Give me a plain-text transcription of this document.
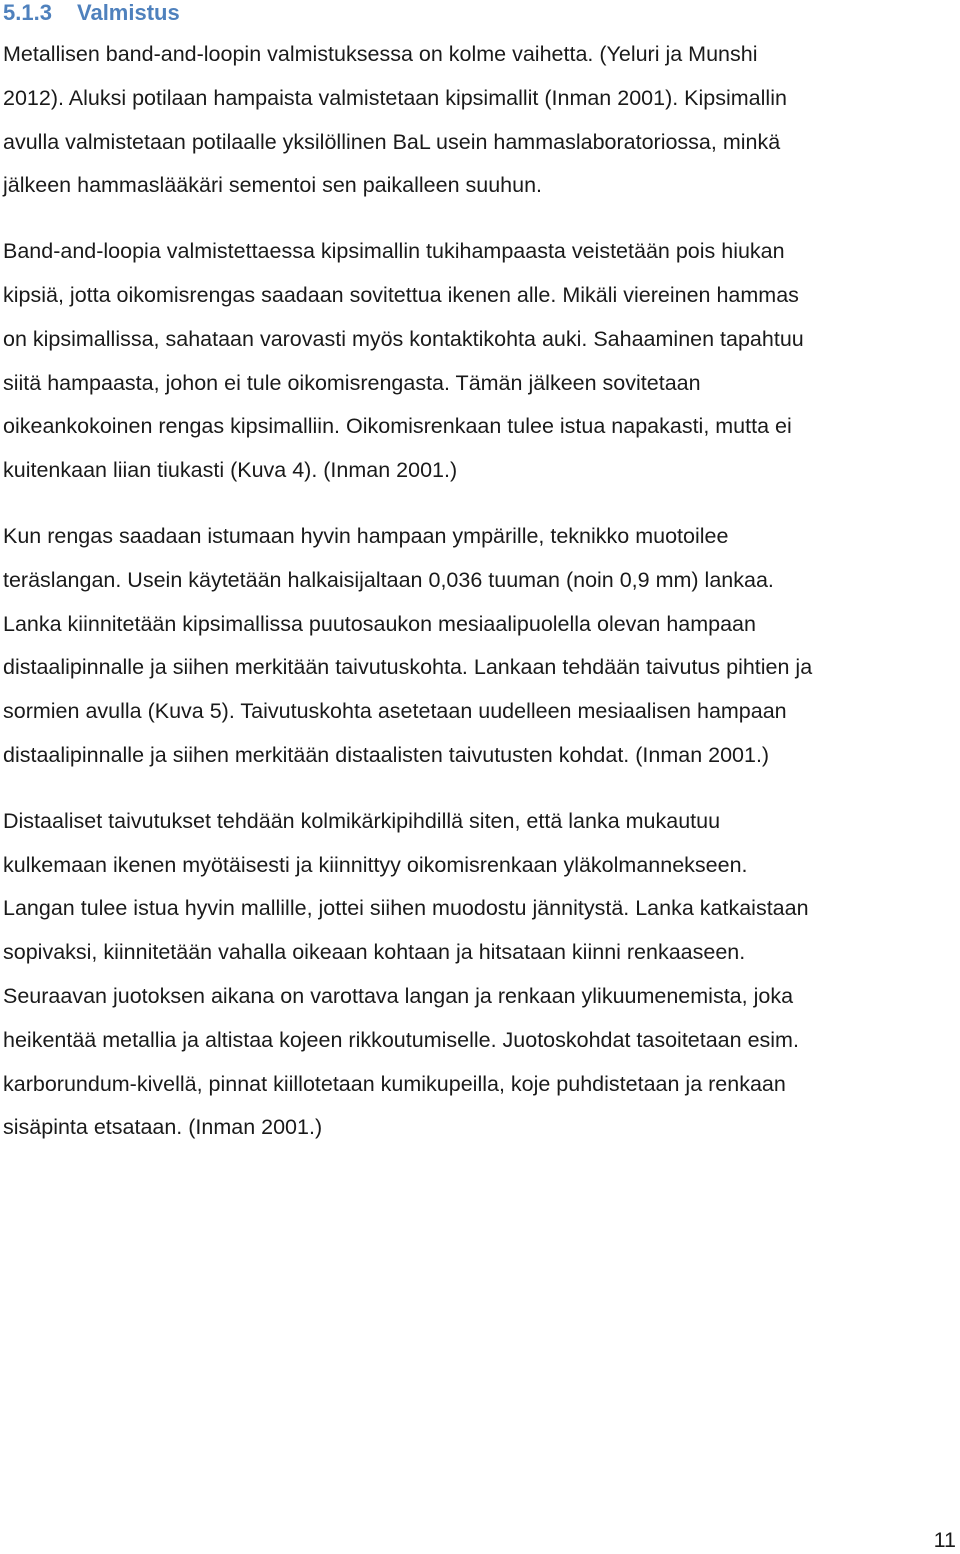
5.1.3 Valmistus

Metallisen band-and-loopin valmistuksessa on kolme vaihetta. (Yeluri ja Munshi
2012). Aluksi potilaan hampaista valmistetaan kipsimallit (Inman 2001). Kipsimallin
avulla valmistetaan potilaalle yksilöllinen BaL usein hammaslaboratoriossa, minkä
jälkeen hammaslääkäri sementoi sen paikalleen suuhun.

Band-and-loopia valmistettaessa kipsimallin tukihampaasta veistetään pois hiukan
kipsiä, jotta oikomisrengas saadaan sovitettua ikenen alle. Mikäli viereinen hammas
on kipsimallissa, sahataan varovasti myös kontaktikohta auki. Sahaaminen tapahtuu
siitä hampaasta, johon ei tule oikomisrengasta. Tämän jälkeen sovitetaan
oikeankokoinen rengas kipsimalliin. Oikomisrenkaan tulee istua napakasti, mutta ei
kuitenkaan liian tiukasti (Kuva 4). (Inman 2001.)

Kun rengas saadaan istumaan hyvin hampaan ympärille, teknikko muotoilee
teräslangan. Usein käytetään halkaisijaltaan 0,036 tuuman (noin 0,9 mm) lankaa.
Lanka kiinnitetään kipsimallissa puutosaukon mesiaalipuolella olevan hampaan
distaalipinnalle ja siihen merkitään taivutuskohta. Lankaan tehdään taivutus pihtien ja
sormien avulla (Kuva 5). Taivutuskohta asetetaan uudelleen mesiaalisen hampaan
distaalipinnalle ja siihen merkitään distaalisten taivutusten kohdat. (Inman 2001.)

Distaaliset taivutukset tehdään kolmikärkipihdillä siten, että lanka mukautuu
kulkemaan ikenen myötäisesti ja kiinnittyy oikomisrenkaan yläkolmannekseen.
Langan tulee istua hyvin mallille, jottei siihen muodostu jännitystä. Lanka katkaistaan
sopivaksi, kiinnitetään vahalla oikeaan kohtaan ja hitsataan kiinni renkaaseen.
Seuraavan juotoksen aikana on varottava langan ja renkaan ylikuumenemista, joka
heikentää metallia ja altistaa kojeen rikkoutumiselle. Juotoskohdat tasoitetaan esim.
karborundum-kivellä, pinnat kiillotetaan kumikupeilla, koje puhdistetaan ja renkaan
sisäpinta etsataan. (Inman 2001.)

11
